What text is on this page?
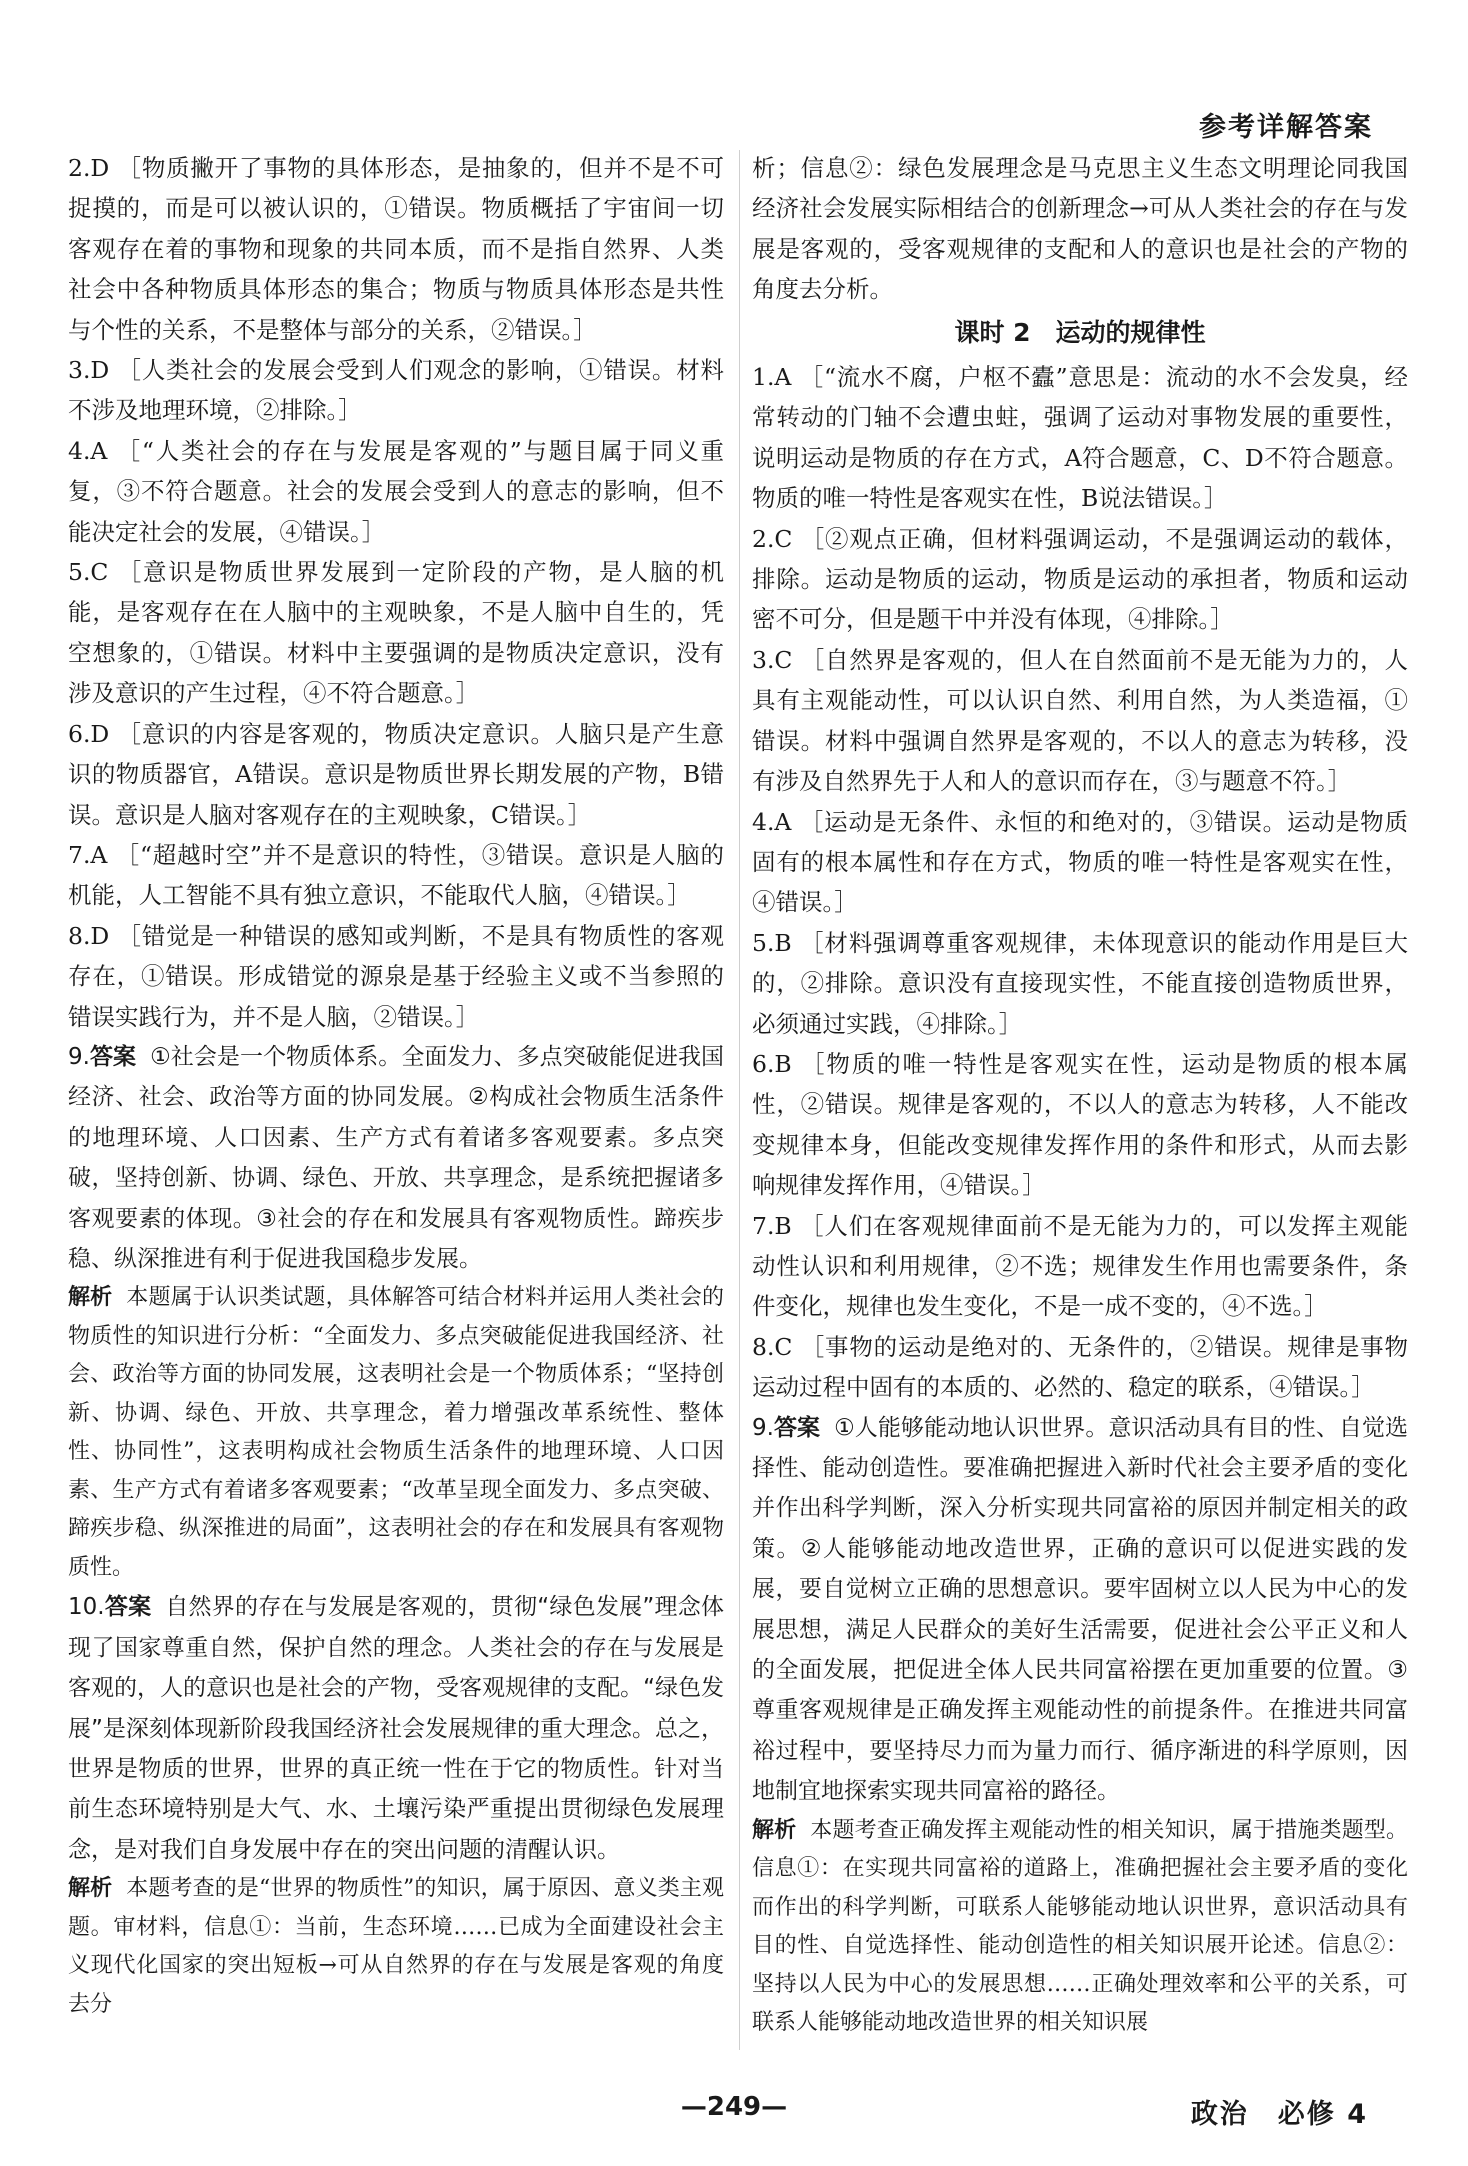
参考详解答案
2.D ［物质撇开了事物的具体形态，是抽象的，但并不是不可捉摸的，而是可以被认识的，①错误。物质概括了宇宙间一切客观存在着的事物和现象的共同本质，而不是指自然界、人类社会中各种物质具体形态的集合；物质与物质具体形态是共性与个性的关系，不是整体与部分的关系，②错误。］
3.D ［人类社会的发展会受到人们观念的影响，①错误。材料不涉及地理环境，②排除。］
4.A ［“人类社会的存在与发展是客观的”与题目属于同义重复，③不符合题意。社会的发展会受到人的意志的影响，但不能决定社会的发展，④错误。］
5.C ［意识是物质世界发展到一定阶段的产物，是人脑的机能，是客观存在在人脑中的主观映象，不是人脑中自生的，凭空想象的，①错误。材料中主要强调的是物质决定意识，没有涉及意识的产生过程，④不符合题意。］
6.D ［意识的内容是客观的，物质决定意识。人脑只是产生意识的物质器官，A错误。意识是物质世界长期发展的产物，B错误。意识是人脑对客观存在的主观映象，C错误。］
7.A ［“超越时空”并不是意识的特性，③错误。意识是人脑的机能，人工智能不具有独立意识，不能取代人脑，④错误。］
8.D ［错觉是一种错误的感知或判断，不是具有物质性的客观存在，①错误。形成错觉的源泉是基于经验主义或不当参照的错误实践行为，并不是人脑，②错误。］
9.答案 ①社会是一个物质体系。全面发力、多点突破能促进我国经济、社会、政治等方面的协同发展。②构成社会物质生活条件的地理环境、人口因素、生产方式有着诸多客观要素。多点突破，坚持创新、协调、绿色、开放、共享理念，是系统把握诸多客观要素的体现。③社会的存在和发展具有客观物质性。蹄疾步稳、纵深推进有利于促进我国稳步发展。
解析 本题属于认识类试题，具体解答可结合材料并运用人类社会的物质性的知识进行分析：“全面发力、多点突破能促进我国经济、社会、政治等方面的协同发展，这表明社会是一个物质体系；“坚持创新、协调、绿色、开放、共享理念，着力增强改革系统性、整体性、协同性”，这表明构成社会物质生活条件的地理环境、人口因素、生产方式有着诸多客观要素；“改革呈现全面发力、多点突破、蹄疾步稳、纵深推进的局面”，这表明社会的存在和发展具有客观物质性。
10.答案 自然界的存在与发展是客观的，贯彻“绿色发展”理念体现了国家尊重自然，保护自然的理念。人类社会的存在与发展是客观的，人的意识也是社会的产物，受客观规律的支配。“绿色发展”是深刻体现新阶段我国经济社会发展规律的重大理念。总之，世界是物质的世界，世界的真正统一性在于它的物质性。针对当前生态环境特别是大气、水、土壤污染严重提出贯彻绿色发展理念，是对我们自身发展中存在的突出问题的清醒认识。
解析 本题考查的是“世界的物质性”的知识，属于原因、意义类主观题。审材料，信息①：当前，生态环境……已成为全面建设社会主义现代化国家的突出短板→可从自然界的存在与发展是客观的角度去分
析；信息②：绿色发展理念是马克思主义生态文明理论同我国经济社会发展实际相结合的创新理念→可从人类社会的存在与发展是客观的，受客观规律的支配和人的意识也是社会的产物的角度去分析。
课时 2　运动的规律性
1.A ［“流水不腐，户枢不蠹”意思是：流动的水不会发臭，经常转动的门轴不会遭虫蛀，强调了运动对事物发展的重要性，说明运动是物质的存在方式，A符合题意，C、D不符合题意。物质的唯一特性是客观实在性，B说法错误。］
2.C ［②观点正确，但材料强调运动，不是强调运动的载体，排除。运动是物质的运动，物质是运动的承担者，物质和运动密不可分，但是题干中并没有体现，④排除。］
3.C ［自然界是客观的，但人在自然面前不是无能为力的，人具有主观能动性，可以认识自然、利用自然，为人类造福，①错误。材料中强调自然界是客观的，不以人的意志为转移，没有涉及自然界先于人和人的意识而存在，③与题意不符。］
4.A ［运动是无条件、永恒的和绝对的，③错误。运动是物质固有的根本属性和存在方式，物质的唯一特性是客观实在性，④错误。］
5.B ［材料强调尊重客观规律，未体现意识的能动作用是巨大的，②排除。意识没有直接现实性，不能直接创造物质世界，必须通过实践，④排除。］
6.B ［物质的唯一特性是客观实在性，运动是物质的根本属性，②错误。规律是客观的，不以人的意志为转移，人不能改变规律本身，但能改变规律发挥作用的条件和形式，从而去影响规律发挥作用，④错误。］
7.B ［人们在客观规律面前不是无能为力的，可以发挥主观能动性认识和利用规律，②不选；规律发生作用也需要条件，条件变化，规律也发生变化，不是一成不变的，④不选。］
8.C ［事物的运动是绝对的、无条件的，②错误。规律是事物运动过程中固有的本质的、必然的、稳定的联系，④错误。］
9.答案 ①人能够能动地认识世界。意识活动具有目的性、自觉选择性、能动创造性。要准确把握进入新时代社会主要矛盾的变化并作出科学判断，深入分析实现共同富裕的原因并制定相关的政策。②人能够能动地改造世界，正确的意识可以促进实践的发展，要自觉树立正确的思想意识。要牢固树立以人民为中心的发展思想，满足人民群众的美好生活需要，促进社会公平正义和人的全面发展，把促进全体人民共同富裕摆在更加重要的位置。③尊重客观规律是正确发挥主观能动性的前提条件。在推进共同富裕过程中，要坚持尽力而为量力而行、循序渐进的科学原则，因地制宜地探索实现共同富裕的路径。
解析 本题考查正确发挥主观能动性的相关知识，属于措施类题型。信息①：在实现共同富裕的道路上，准确把握社会主要矛盾的变化而作出的科学判断，可联系人能够能动地认识世界，意识活动具有目的性、自觉选择性、能动创造性的相关知识展开论述。信息②：坚持以人民为中心的发展思想……正确处理效率和公平的关系，可联系人能够能动地改造世界的相关知识展
—249—	政治　必修 4
